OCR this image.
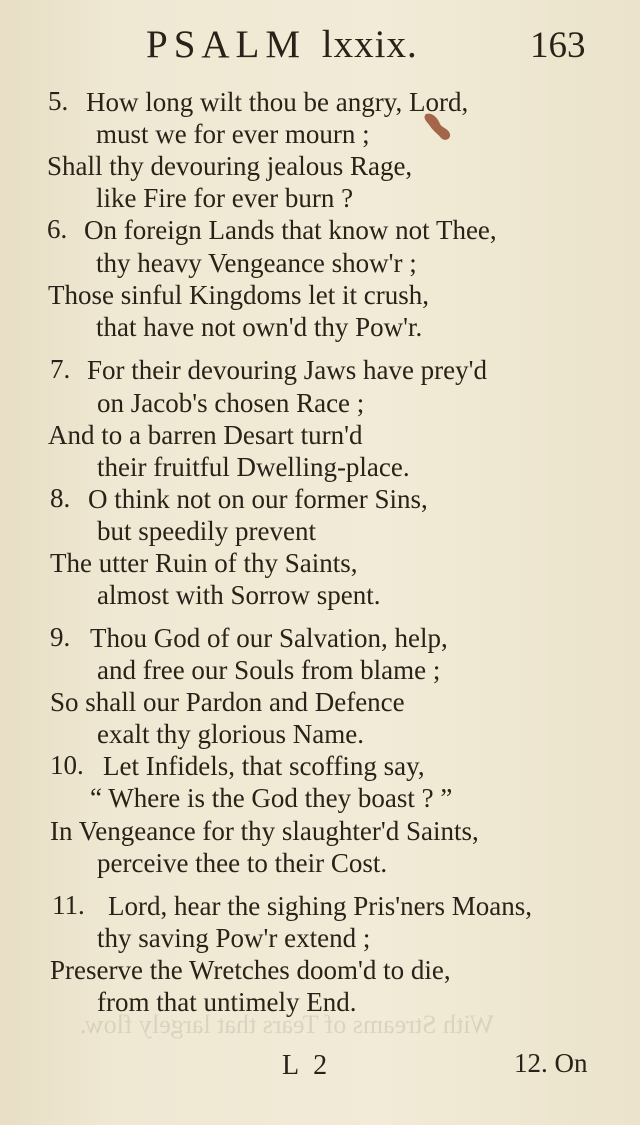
With Streams of Tears that largely flow.
PSALM lxxix.	163
5. How long wilt thou be angry, Lord,
must we for ever mourn ;
Shall thy devouring jealous Rage,
like Fire for ever burn ?
6. On foreign Lands that know not Thee,
thy heavy Vengeance show'r ;
Those sinful Kingdoms let it crush,
that have not own'd thy Pow'r.
7. For their devouring Jaws have prey'd
on Jacob's chosen Race ;
And to a barren Desart turn'd
their fruitful Dwelling-place.
8. O think not on our former Sins,
but speedily prevent
The utter Ruin of thy Saints,
almost with Sorrow spent.
9. Thou God of our Salvation, help,
and free our Souls from blame ;
So shall our Pardon and Defence
exalt thy glorious Name.
10. Let Infidels, that scoffing say,
“ Where is the God they boast ? ”
In Vengeance for thy slaughter'd Saints,
perceive thee to their Cost.
11. Lord, hear the sighing Pris'ners Moans,
thy saving Pow'r extend ;
Preserve the Wretches doom'd to die,
from that untimely End.
L 2	12. On
